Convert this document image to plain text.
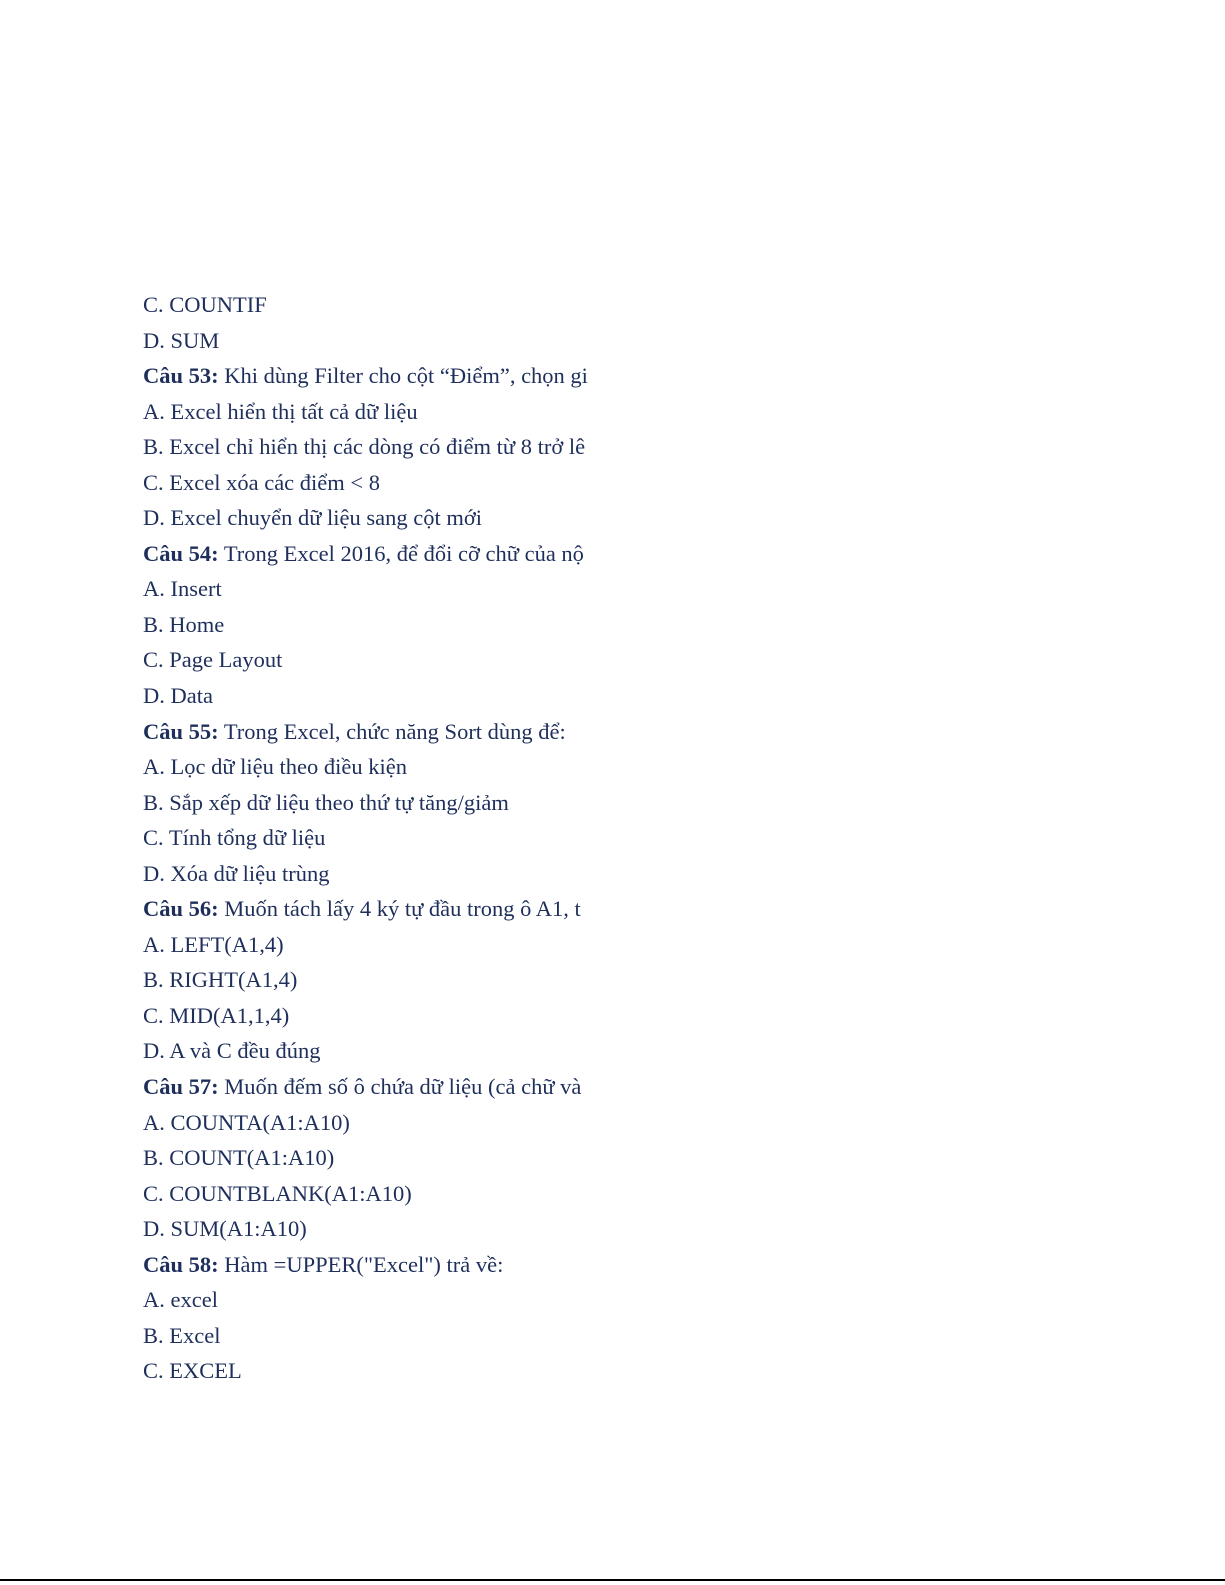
C. COUNTIF
D. SUM
Câu 53: Khi dùng Filter cho cột “Điểm”, chọn gi
A. Excel hiển thị tất cả dữ liệu
B. Excel chỉ hiển thị các dòng có điểm từ 8 trở lê
C. Excel xóa các điểm < 8
D. Excel chuyển dữ liệu sang cột mới
Câu 54: Trong Excel 2016, để đổi cỡ chữ của nộ
A. Insert
B. Home
C. Page Layout
D. Data
Câu 55: Trong Excel, chức năng Sort dùng để:
A. Lọc dữ liệu theo điều kiện
B. Sắp xếp dữ liệu theo thứ tự tăng/giảm
C. Tính tổng dữ liệu
D. Xóa dữ liệu trùng
Câu 56: Muốn tách lấy 4 ký tự đầu trong ô A1, t
A. LEFT(A1,4)
B. RIGHT(A1,4)
C. MID(A1,1,4)
D. A và C đều đúng
Câu 57: Muốn đếm số ô chứa dữ liệu (cả chữ và
A. COUNTA(A1:A10)
B. COUNT(A1:A10)
C. COUNTBLANK(A1:A10)
D. SUM(A1:A10)
Câu 58: Hàm =UPPER("Excel") trả về:
A. excel
B. Excel
C. EXCEL
